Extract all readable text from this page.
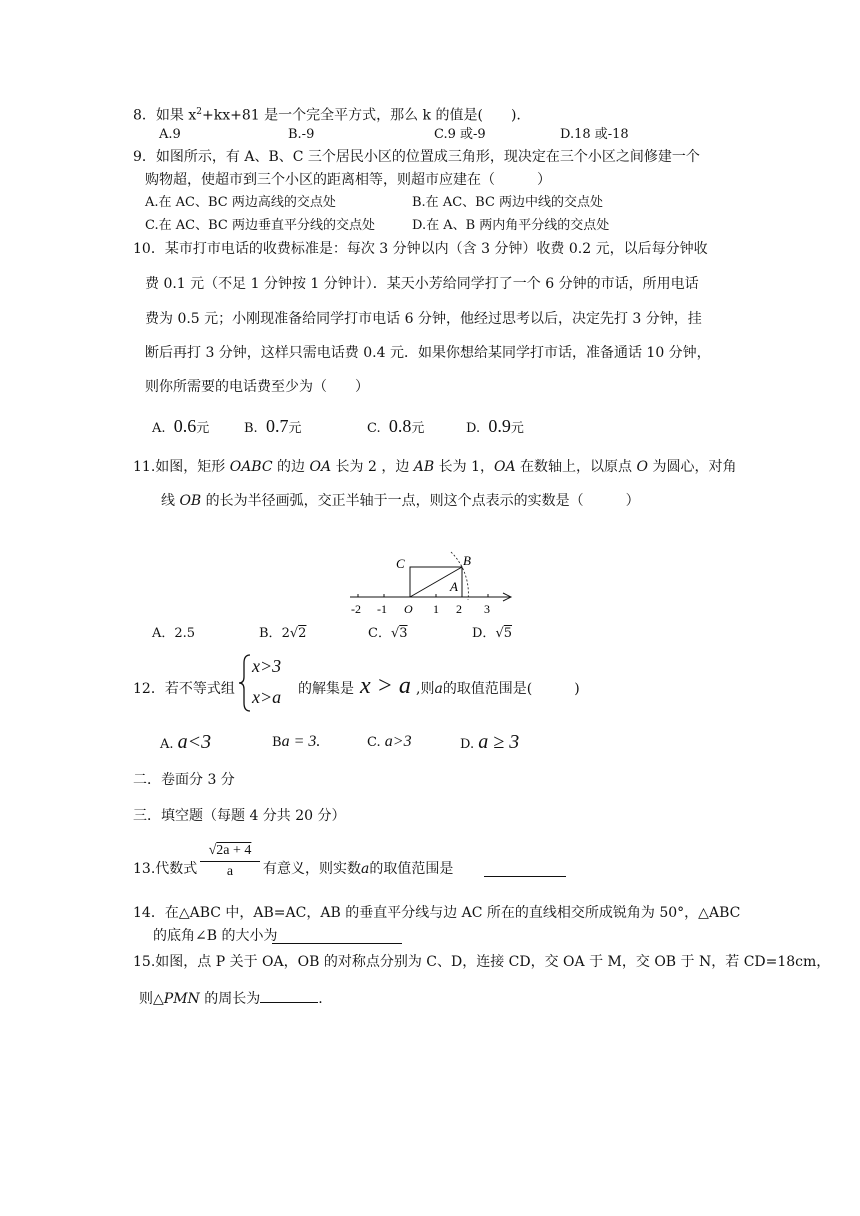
8．如果 $x^2+kx+81$ 是一个完全平方式，那么 k 的值是(　　).
A.9	B.-9	C.9 或-9	D.18 或-18
9．如图所示，有 A、B、C 三个居民小区的位置成三角形，现决定在三个小区之间修建一个
购物超，使超市到三个小区的距离相等，则超市应建在（　　　）
A.在 AC、BC 两边高线的交点处	B.在 AC、BC 两边中线的交点处
C.在 AC、BC 两边垂直平分线的交点处	D.在 A、B 两内角平分线的交点处
10．某市打市电话的收费标准是：每次 3 分钟以内（含 3 分钟）收费 0.2 元，以后每分钟收
费 0.1 元（不足 1 分钟按 1 分钟计）．某天小芳给同学打了一个 6 分钟的市话，所用电话
费为 0.5 元；小刚现准备给同学打市电话 6 分钟，他经过思考以后，决定先打 3 分钟，挂
断后再打 3 分钟，这样只需电话费 0.4 元．如果你想给某同学打市话，准备通话 10 分钟，
则你所需要的电话费至少为（　　）
A. 0.6元	B. 0.7元	C. 0.8元	D. 0.9元
11.如图，矩形 OABC 的边 OA 长为 2 ，边 AB 长为 1，OA 在数轴上，以原点 O 为圆心，对角
线 OB 的长为半径画弧，交正半轴于一点，则这个点表示的实数是（　　　）
C	B
A
-2 -1 O 1 2 3
A．2.5	B．2√2	C．√3	D．√5
12．若不等式组
x>3
x>a 的解集是 x > a ,则a的取值范围是(　　　)
A. a<3	Ba = 3.	C. a>3	D. a ≥ 3
二．卷面分 3 分
三．填空题（每题 4 分共 20 分）
13.代数式 $\frac{√2a + 4}{a}$ 有意义，则实数a的取值范围是
14．在△ABC 中，AB=AC，AB 的垂直平分线与边 AC 所在的直线相交所成锐角为 50°，△ABC
的底角∠B 的大小为
15.如图，点 P 关于 OA，OB 的对称点分别为 C、D，连接 CD，交 OA 于 M，交 OB 于 N，若 CD=18cm，
则△PMN 的周长为	.
